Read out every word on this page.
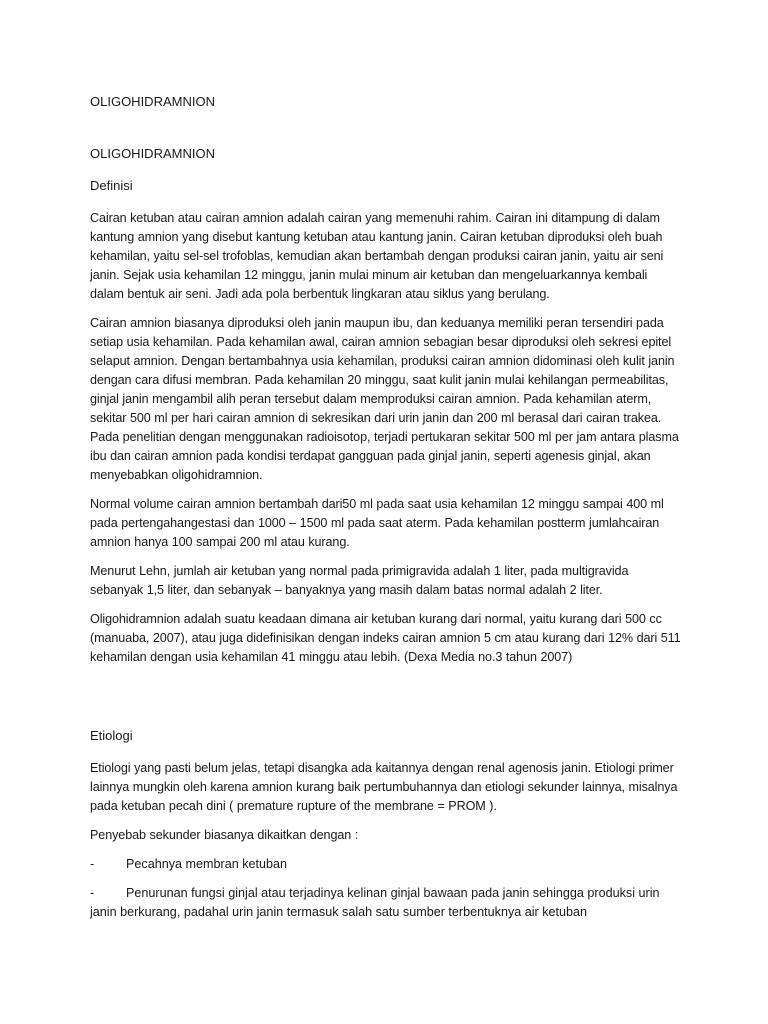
OLIGOHIDRAMNION
OLIGOHIDRAMNION
Definisi

Cairan ketuban atau cairan amnion adalah cairan yang memenuhi rahim. Cairan ini ditampung di dalam kantung amnion yang disebut kantung ketuban atau kantung janin. Cairan ketuban diproduksi oleh buah kehamilan, yaitu sel-sel trofoblas, kemudian akan bertambah dengan produksi cairan janin, yaitu air seni janin. Sejak usia kehamilan 12 minggu, janin mulai minum air ketuban dan mengeluarkannya kembali dalam bentuk air seni. Jadi ada pola berbentuk lingkaran atau siklus yang berulang.

Cairan amnion biasanya diproduksi oleh janin maupun ibu, dan keduanya memiliki peran tersendiri pada setiap usia kehamilan. Pada kehamilan awal, cairan amnion sebagian besar diproduksi oleh sekresi epitel selaput amnion. Dengan bertambahnya usia kehamilan, produksi cairan amnion didominasi oleh kulit janin dengan cara difusi membran. Pada kehamilan 20 minggu, saat kulit janin mulai kehilangan permeabilitas, ginjal janin mengambil alih peran tersebut dalam memproduksi cairan amnion. Pada kehamilan aterm, sekitar 500 ml per hari cairan amnion di sekresikan dari urin janin dan 200 ml berasal dari cairan trakea. Pada penelitian dengan menggunakan radioisotop, terjadi pertukaran sekitar 500 ml per jam antara plasma ibu dan cairan amnion pada kondisi terdapat gangguan pada ginjal janin, seperti agenesis ginjal, akan menyebabkan oligohidramnion.

Normal volume cairan amnion bertambah dari50 ml pada saat usia kehamilan 12 minggu sampai 400 ml pada pertengahangestasi dan 1000 – 1500 ml pada saat aterm. Pada kehamilan postterm jumlahcairan amnion hanya 100 sampai 200 ml atau kurang.

Menurut Lehn, jumlah air ketuban yang normal pada primigravida adalah 1 liter, pada multigravida sebanyak 1,5 liter, dan sebanyak – banyaknya yang masih dalam batas normal adalah 2 liter.

Oligohidramnion adalah suatu keadaan dimana air ketuban kurang dari normal, yaitu kurang dari 500 cc (manuaba, 2007), atau juga didefinisikan dengan indeks cairan amnion 5 cm atau kurang dari 12% dari 511 kehamilan dengan usia kehamilan 41 minggu atau lebih. (Dexa Media no.3 tahun 2007)

Etiologi

Etiologi yang pasti belum jelas, tetapi disangka ada kaitannya dengan renal agenosis janin. Etiologi primer lainnya mungkin oleh karena amnion kurang baik pertumbuhannya dan etiologi sekunder lainnya, misalnya pada ketuban pecah dini ( premature rupture of the membrane = PROM ).

Penyebab sekunder biasanya dikaitkan dengan :

-	Pecahnya membran ketuban
-	Penurunan fungsi ginjal atau terjadinya kelinan ginjal bawaan pada janin sehingga produksi urin janin berkurang, padahal urin janin termasuk salah satu sumber terbentuknya air ketuban
